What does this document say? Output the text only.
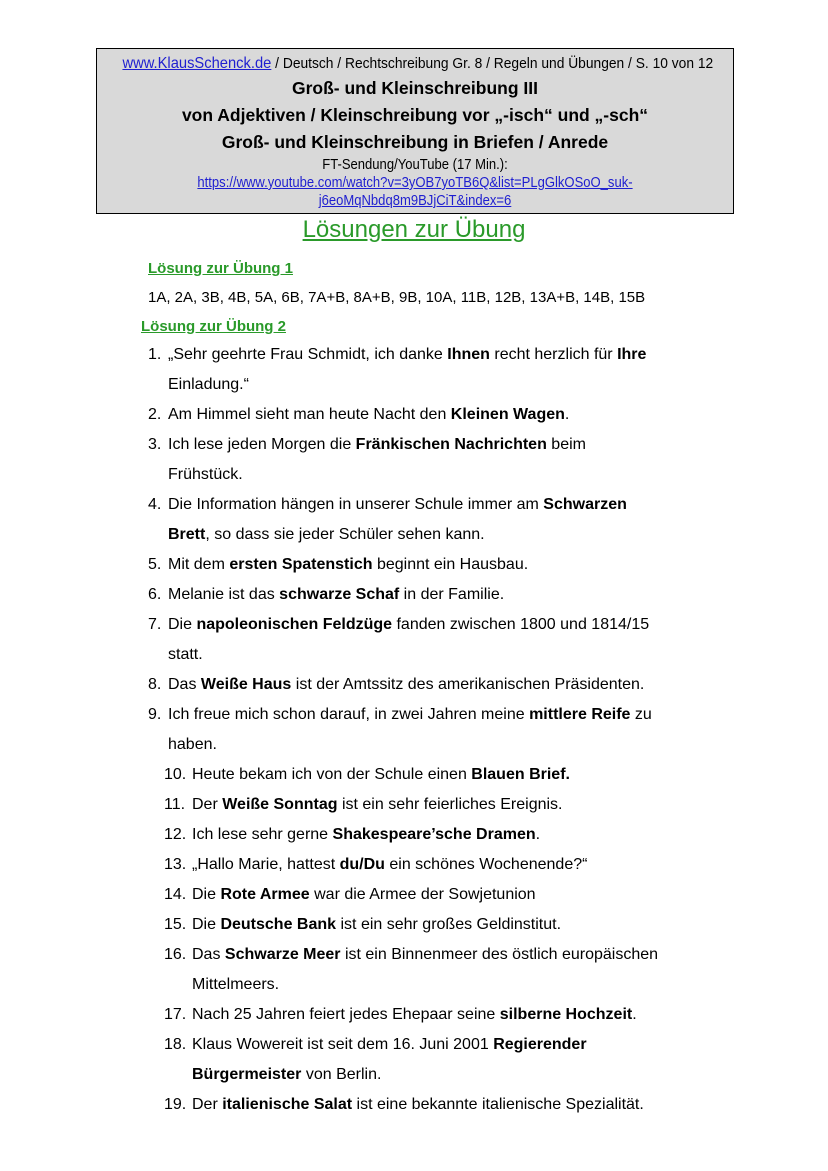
www.KlausSchenck.de / Deutsch / Rechtschreibung Gr. 8 / Regeln und Übungen / S. 10 von 12
Groß- und Kleinschreibung III
von Adjektiven / Kleinschreibung vor „-isch“ und „-sch“
Groß- und Kleinschreibung in Briefen / Anrede
FT-Sendung/YouTube (17 Min.):
https://www.youtube.com/watch?v=3yOB7yoTB6Q&list=PLgGlkOSoO_suk-
j6eoMqNbdq8m9BJjCiT&index=6
Lösungen zur Übung
Lösung zur Übung 1
1A, 2A, 3B, 4B, 5A, 6B, 7A+B, 8A+B, 9B, 10A, 11B, 12B, 13A+B, 14B, 15B
Lösung zur Übung 2
1. „Sehr geehrte Frau Schmidt, ich danke Ihnen recht herzlich für Ihre
Einladung.“
2. Am Himmel sieht man heute Nacht den Kleinen Wagen.
3. Ich lese jeden Morgen die Fränkischen Nachrichten beim
Frühstück.
4. Die Information hängen in unserer Schule immer am Schwarzen
Brett, so dass sie jeder Schüler sehen kann.
5. Mit dem ersten Spatenstich beginnt ein Hausbau.
6. Melanie ist das schwarze Schaf in der Familie.
7. Die napoleonischen Feldzüge fanden zwischen 1800 und 1814/15
statt.
8. Das Weiße Haus ist der Amtssitz des amerikanischen Präsidenten.
9. Ich freue mich schon darauf, in zwei Jahren meine mittlere Reife zu
haben.
10. Heute bekam ich von der Schule einen Blauen Brief.
11. Der Weiße Sonntag ist ein sehr feierliches Ereignis.
12. Ich lese sehr gerne Shakespeare’sche Dramen.
13. „Hallo Marie, hattest du/Du ein schönes Wochenende?“
14. Die Rote Armee war die Armee der Sowjetunion
15. Die Deutsche Bank ist ein sehr großes Geldinstitut.
16. Das Schwarze Meer ist ein Binnenmeer des östlich europäischen
Mittelmeers.
17. Nach 25 Jahren feiert jedes Ehepaar seine silberne Hochzeit.
18. Klaus Wowereit ist seit dem 16. Juni 2001 Regierender
Bürgermeister von Berlin.
19. Der italienische Salat ist eine bekannte italienische Spezialität.
